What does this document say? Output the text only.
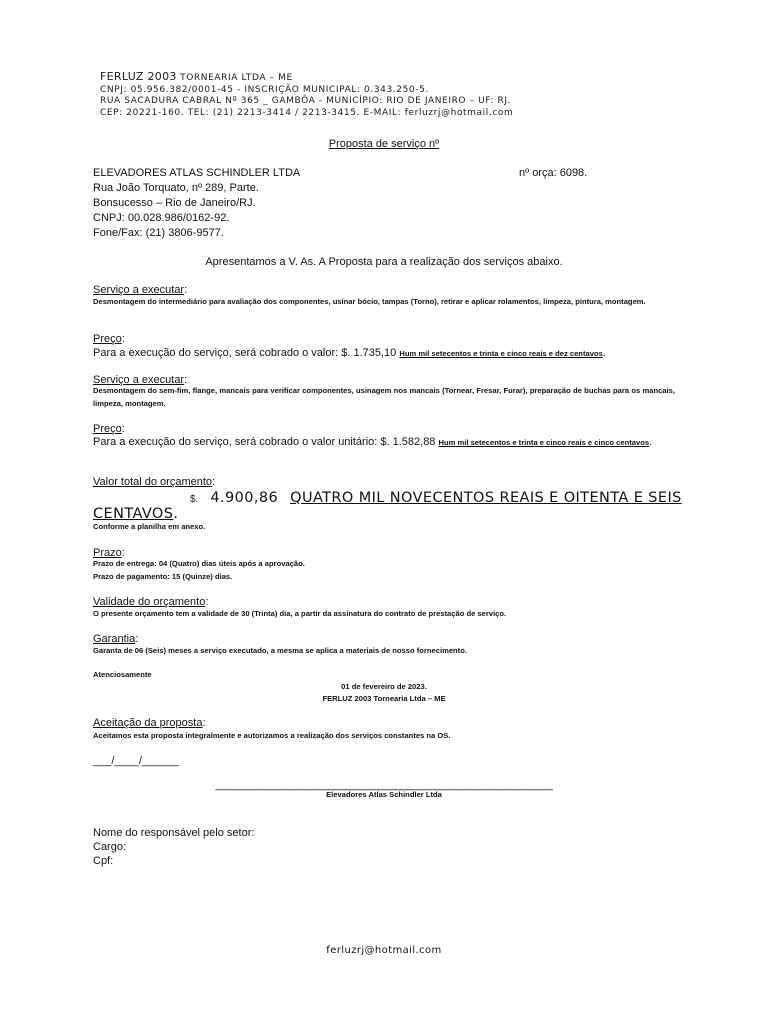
FERLUZ 2003 TORNEARIA LTDA – ME
CNPJ: 05.956.382/0001-45 - INSCRIÇÃO MUNICIPAL: 0.343.250-5.
RUA SACADURA CABRAL Nº 365 _ GAMBÔA - MUNICÍPIO: RIO DE JANEIRO – UF: RJ.
CEP: 20221-160. TEL: (21) 2213-3414 / 2213-3415. E-MAIL: ferluzrj@hotmail.com
Proposta de serviço nº
ELEVADORES ATLAS SCHINDLER LTDA
Rua João Torquato, nº 289, Parte.
Bonsucesso – Rio de Janeiro/RJ.
CNPJ: 00.028.986/0162-92.
Fone/Fax: (21) 3806-9577.
nº orça: 6098.
Apresentamos a V. As. A Proposta para a realização dos serviços abaixo.
Serviço a executar:
Desmontagem do intermediário para avaliação dos componentes, usinar bócio, tampas (Torno), retirar e aplicar rolamentos, limpeza, pintura, montagem.
Preço:
Para a execução do serviço, será cobrado o valor: $. 1.735,10 Hum mil setecentos e trinta e cinco reais e dez centavos.
Serviço a executar:
Desmontagem do sem-fim, flange, mancais para verificar componentes, usinagem nos mancais (Tornear, Fresar, Furar), preparação de buchas para os mancais, limpeza, montagem.
Preço:
Para a execução do serviço, será cobrado o valor unitário: $. 1.582,88 Hum mil setecentos e trinta e cinco reais e cinco centavos.
Valor total do orçamento:
$. 4.900,86 QUATRO MIL NOVECENTOS REAIS E OITENTA E SEIS
CENTAVOS.
Conforme a planilha em anexo.
Prazo:
Prazo de entrega: 04 (Quatro) dias úteis após a aprovação.
Prazo de pagamento: 15 (Quinze) dias.
Validade do orçamento:
O presente orçamento tem a validade de 30 (Trinta) dia, a partir da assinatura do contrato de prestação de serviço.
Garantia:
Garanta de 06 (Seis) meses a serviço executado, a mesma se aplica a materiais de nosso fornecimento.
Atenciosamente
01 de fevereiro de 2023.
FERLUZ 2003 Tornearia Ltda – ME
Aceitação da proposta:
Aceitamos esta proposta integralmente e autorizamos a realização dos serviços constantes na OS.
___/____/______
____________________________________________________________
Elevadores Atlas Schindler Ltda
Nome do responsável pelo setor:
Cargo:
Cpf:
ferluzrj@hotmail.com
